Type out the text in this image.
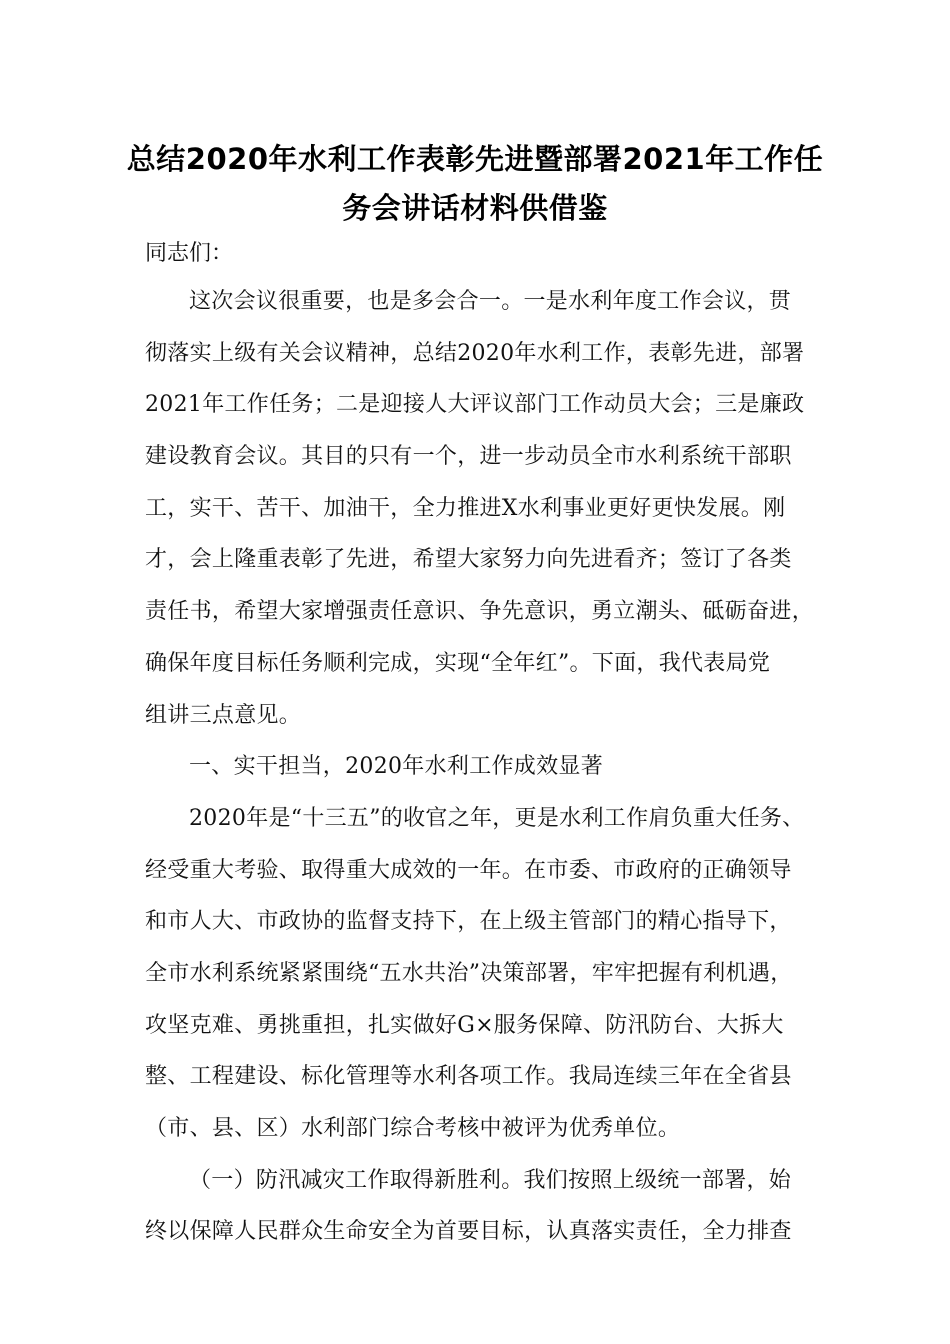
总结2020年水利工作表彰先进暨部署2021年工作任
务会讲话材料供借鉴
同志们：
这次会议很重要，也是多会合一。一是水利年度工作会议，贯
彻落实上级有关会议精神，总结2020年水利工作，表彰先进，部署
2021年工作任务；二是迎接人大评议部门工作动员大会；三是廉政
建设教育会议。其目的只有一个，进一步动员全市水利系统干部职
工，实干、苦干、加油干，全力推进X水利事业更好更快发展。刚
才，会上隆重表彰了先进，希望大家努力向先进看齐；签订了各类
责任书，希望大家增强责任意识、争先意识，勇立潮头、砥砺奋进，
确保年度目标任务顺利完成，实现“全年红”。下面，我代表局党
组讲三点意见。
一、实干担当，2020年水利工作成效显著
2020年是“十三五”的收官之年，更是水利工作肩负重大任务、
经受重大考验、取得重大成效的一年。在市委、市政府的正确领导
和市人大、市政协的监督支持下，在上级主管部门的精心指导下，
全市水利系统紧紧围绕“五水共治”决策部署，牢牢把握有利机遇，
攻坚克难、勇挑重担，扎实做好G×服务保障、防汛防台、大拆大
整、工程建设、标化管理等水利各项工作。我局连续三年在全省县
（市、县、区）水利部门综合考核中被评为优秀单位。
（一）防汛减灾工作取得新胜利。我们按照上级统一部署，始
终以保障人民群众生命安全为首要目标，认真落实责任，全力排查
